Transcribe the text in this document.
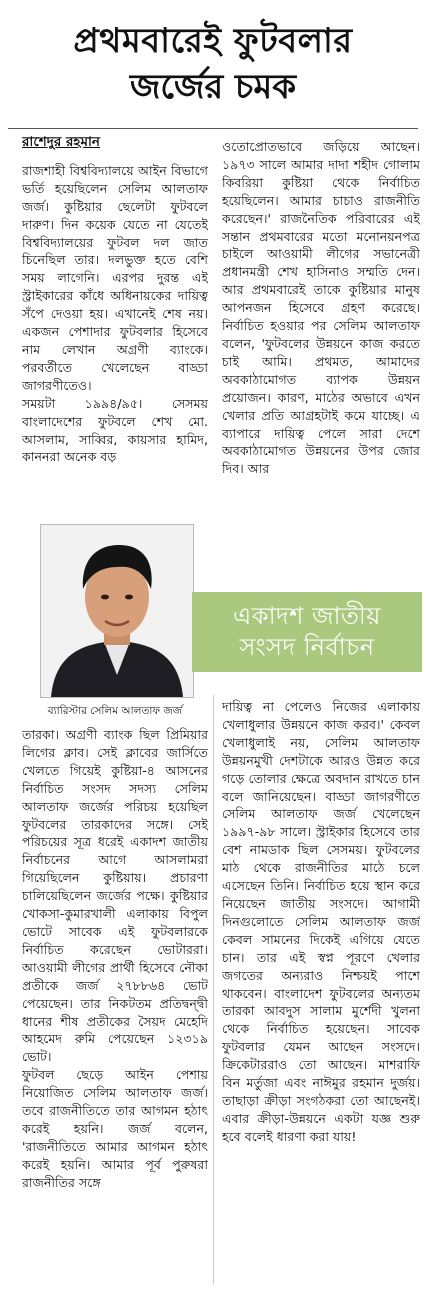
প্রথমবারেই ফুটবলার
জর্জের চমক
রাশেদুর রহমান

রাজশাহী বিশ্ববিদ্যালয়ে আইন বিভাগে ভর্তি হয়েছিলেন সেলিম আলতাফ জর্জ। কুষ্টিয়ার ছেলেটা ফুটবলে দারুণ। দিন কয়েক যেতে না যেতেই বিশ্ববিদ্যালয়ের ফুটবল দল জাত চিনেছিল তার। দলভুক্ত হতে বেশি সময় লাগেনি। এরপর দুরন্ত এই স্ট্রাইকারের কাঁধে অধিনায়কের দায়িত্ব সঁপে দেওয়া হয়। এখানেই শেষ নয়। একজন পেশাদার ফুটবলার হিসেবে নাম লেখান অগ্রণী ব্যাংকে। পরবর্তীতে খেলেছেন বাড্ডা জাগরণীতেও।

সময়টা ১৯৯৪/৯৫। সেসময় বাংলাদেশের ফুটবলে শেখ মো. আসলাম, সাব্বির, কায়সার হামিদ, কাননরা অনেক বড়

ওতোপ্রোতভাবে জড়িয়ে আছেন। ১৯৭৩ সালে আমার দাদা শহীদ গোলাম কিবরিয়া কুষ্টিয়া থেকে নির্বাচিত হয়েছিলেন। আমার চাচাও রাজনীতি করেছেন।' রাজনৈতিক পরিবারের এই সন্তান প্রথমবারের মতো মনোনয়নপত্র চাইলে আওয়ামী লীগের সভানেত্রী প্রধানমন্ত্রী শেখ হাসিনাও সম্মতি দেন। আর প্রথমবারেই তাকে কুষ্টিয়ার মানুষ আপনজন হিসেবে গ্রহণ করেছে। নির্বাচিত হওয়ার পর সেলিম আলতাফ বলেন, 'ফুটবলের উন্নয়নে কাজ করতে চাই আমি। প্রথমত, আমাদের অবকাঠামোগত ব্যাপক উন্নয়ন প্রয়োজন। কারণ, মাঠের অভাবে এখন খেলার প্রতি আগ্রহটাই কমে যাচ্ছে। এ ব্যাপারে দায়িত্ব পেলে সারা দেশে অবকাঠামোগত উন্নয়নের উপর জোর দিব। আর

ব্যারিস্টার সেলিম আলতাফ জর্জ
একাদশ জাতীয়
সংসদ নির্বাচন

তারকা। অগ্রণী ব্যাংক ছিল প্রিমিয়ার লিগের ক্লাব। সেই ক্লাবের জার্সিতে খেলতে গিয়েই কুষ্টিয়া-৪ আসনের নির্বাচিত সংসদ সদস্য সেলিম আলতাফ জর্জের পরিচয় হয়েছিল ফুটবলের তারকাদের সঙ্গে। সেই পরিচয়ের সূত্র ধরেই একাদশ জাতীয় নির্বাচনের আগে আসলামরা গিয়েছিলেন কুষ্টিয়ায়। প্রচারণা চালিয়েছিলেন জর্জের পক্ষে। কুষ্টিয়ার খোকসা-কুমারখালী এলাকায় বিপুল ভোটে সাবেক এই ফুটবলারকে নির্বাচিত করেছেন ভোটাররা। আওয়ামী লীগের প্রার্থী হিসেবে নৌকা প্রতীকে জর্জ ২৭৮৮৬৪ ভোট পেয়েছেন। তার নিকটতম প্রতিদ্বন্দ্বী ধানের শীষ প্রতীকের সৈয়দ মেহেদি আহমেদ রুমি পেয়েছেন ১২৩১৯ ভোট।

ফুটবল ছেড়ে আইন পেশায় নিয়োজিত সেলিম আলতাফ জর্জ। তবে রাজনীতিতে তার আগমন হঠাৎ করেই হয়নি। জর্জ বলেন, 'রাজনীতিতে আমার আগমন হঠাৎ করেই হয়নি। আমার পূর্ব পুরুষরা রাজনীতির সঙ্গে

দায়িত্ব না পেলেও নিজের এলাকায় খেলাধুলার উন্নয়নে কাজ করব।' কেবল খেলাধুলাই নয়, সেলিম আলতাফ উন্নয়নমুখী দেশটাকে আরও উন্নত করে গড়ে তোলার ক্ষেত্রে অবদান রাখতে চান বলে জানিয়েছেন। বাড্ডা জাগরণীতে সেলিম আলতাফ জর্জ খেলেছেন ১৯৯৭-৯৮ সালে। স্ট্রাইকার হিসেবে তার বেশ নামডাক ছিল সেসময়। ফুটবলের মাঠ থেকে রাজনীতির মাঠে চলে এসেছেন তিনি। নির্বাচিত হয়ে স্থান করে নিয়েছেন জাতীয় সংসদে। আগামী দিনগুলোতে সেলিম আলতাফ জর্জ কেবল সামনের দিকেই এগিয়ে যেতে চান। তার এই স্বপ্ন পূরণে খেলার জগতের অন্যরাও নিশ্চয়ই পাশে থাকবেন। বাংলাদেশ ফুটবলের অন্যতম তারকা আবদুস সালাম মুর্শেদী খুলনা থেকে নির্বাচিত হয়েছেন। সাবেক ফুটবলার যেমন আছেন সংসদে। ক্রিকেটাররাও তো আছেন। মাশরাফি বিন মর্তুজা এবং নাঈমুর রহমান দুর্জয়। তাছাড়া ক্রীড়া সংগঠকরা তো আছেনই। এবার ক্রীড়া-উন্নয়নে একটা যজ্ঞ শুরু হবে বলেই ধারণা করা যায়!
